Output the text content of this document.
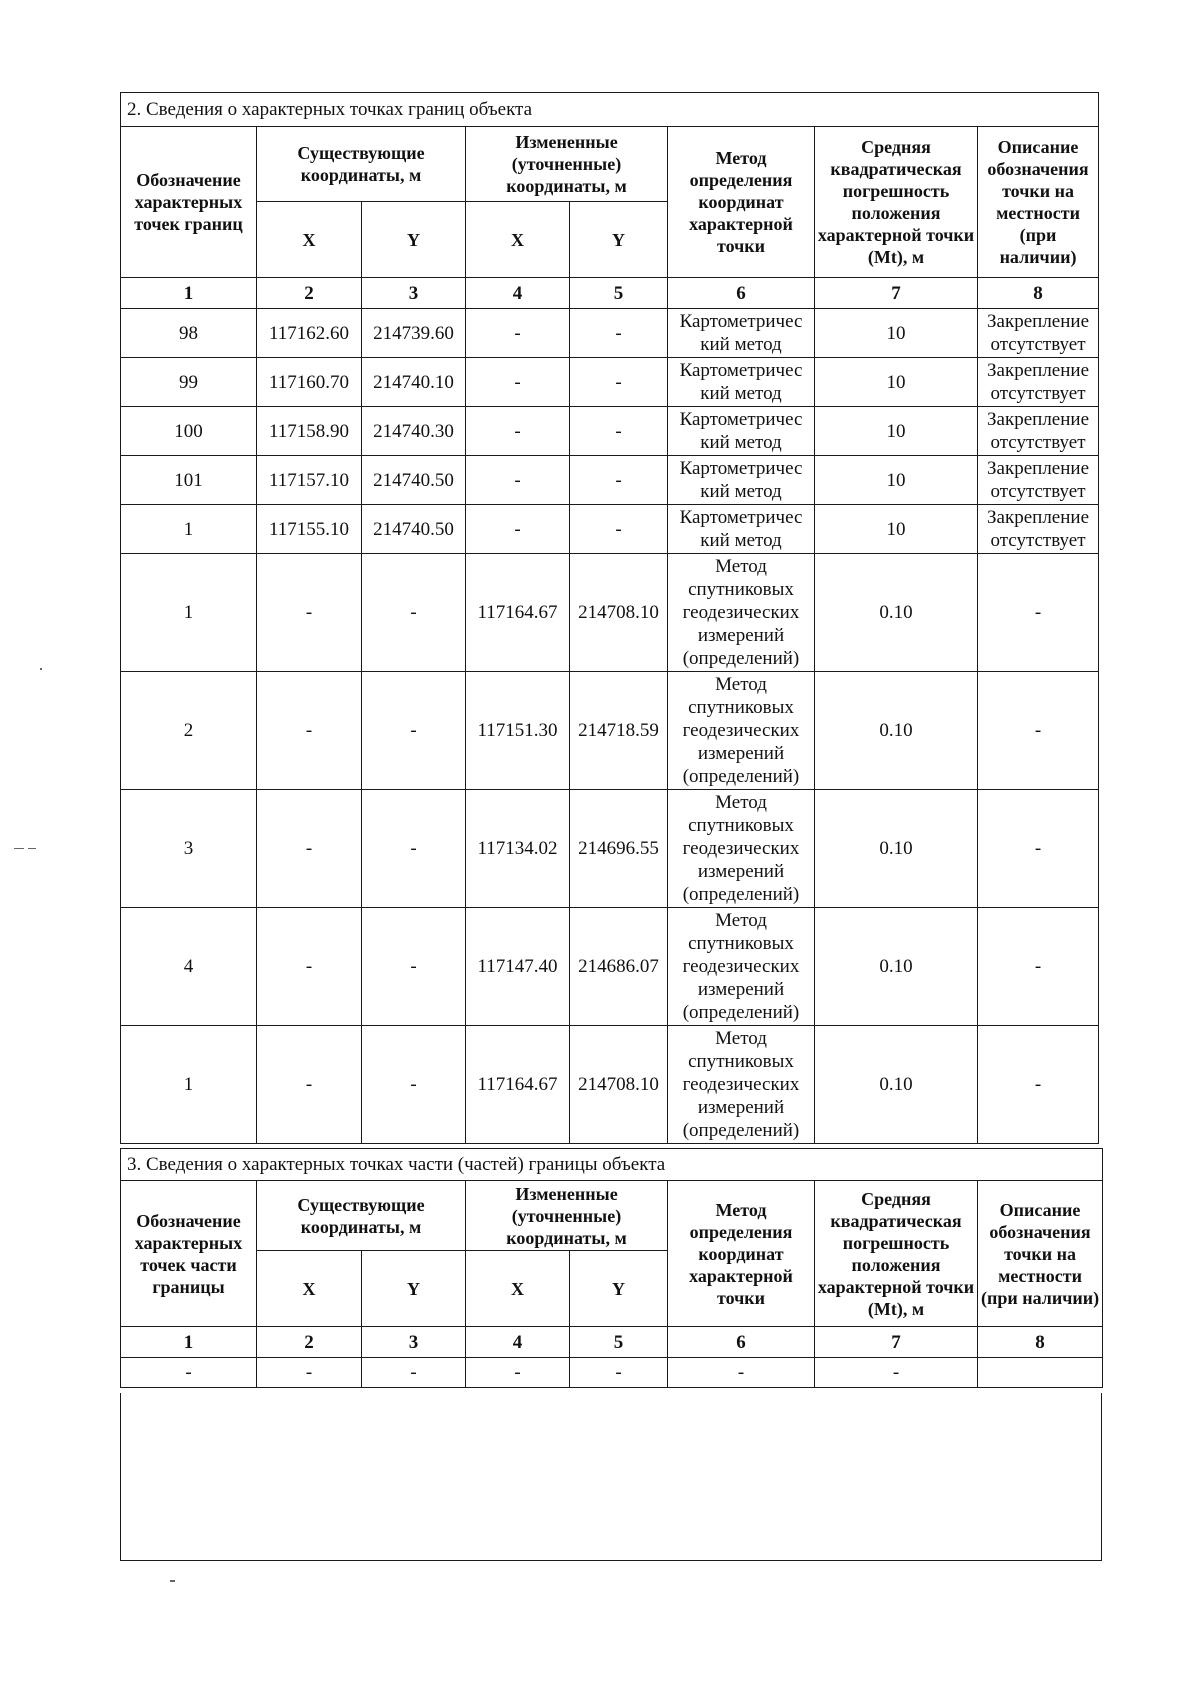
2. Сведения о характерных точках границ объекта							
Обозначение характерных точек границ	Существующие координаты, м		Измененные (уточненные) координаты, м		Метод определения координат характерной точки	Средняя квадратическая погрешность положения характерной точки (Mt), м	Описание обозначения точки на местности (при наличии)
	X	Y	X	Y			
1	2	3	4	5	6	7	8
98	117162.60	214739.60	-	-	Картометричес кий метод	10	Закрепление отсутствует
99	117160.70	214740.10	-	-	Картометричес кий метод	10	Закрепление отсутствует
100	117158.90	214740.30	-	-	Картометричес кий метод	10	Закрепление отсутствует
101	117157.10	214740.50	-	-	Картометричес кий метод	10	Закрепление отсутствует
1	117155.10	214740.50	-	-	Картометричес кий метод	10	Закрепление отсутствует
1	-	-	117164.67	214708.10	Метод спутниковых геодезических измерений (определений)	0.10	-
2	-	-	117151.30	214718.59	Метод спутниковых геодезических измерений (определений)	0.10	-
3	-	-	117134.02	214696.55	Метод спутниковых геодезических измерений (определений)	0.10	-
4	-	-	117147.40	214686.07	Метод спутниковых геодезических измерений (определений)	0.10	-
1	-	-	117164.67	214708.10	Метод спутниковых геодезических измерений (определений)	0.10	-
3. Сведения о характерных точках части (частей) границы объекта							
Обозначение характерных точек части границы	Существующие координаты, м		Измененные (уточненные) координаты, м		Метод определения координат характерной точки	Средняя квадратическая погрешность положения характерной точки (Mt), м	Описание обозначения точки на местности (при наличии)
	X	Y	X	Y			
1	2	3	4	5	6	7	8
-	-	-	-	-	-	-	
